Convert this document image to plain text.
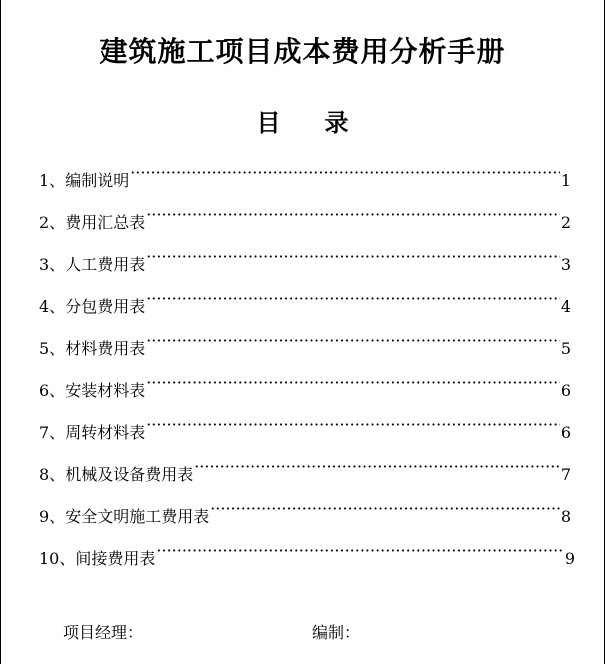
建筑施工项目成本费用分析手册
目 录
1、 编制说明 ·····	1
2、 费用汇总表 ·····	2
3、 人工费用表 ·····	3
4、 分包费用表 ·····	4
5、 材料费用表 ·····	5
6、 安装材料表 ·····	6
7、 周转材料表 ·····	6
8、 机械及设备费用表 ·····	7
9、 安全文明施工费用表 ·····	8
10、 间接费用表 ·····	9
项目经理：	编制：
